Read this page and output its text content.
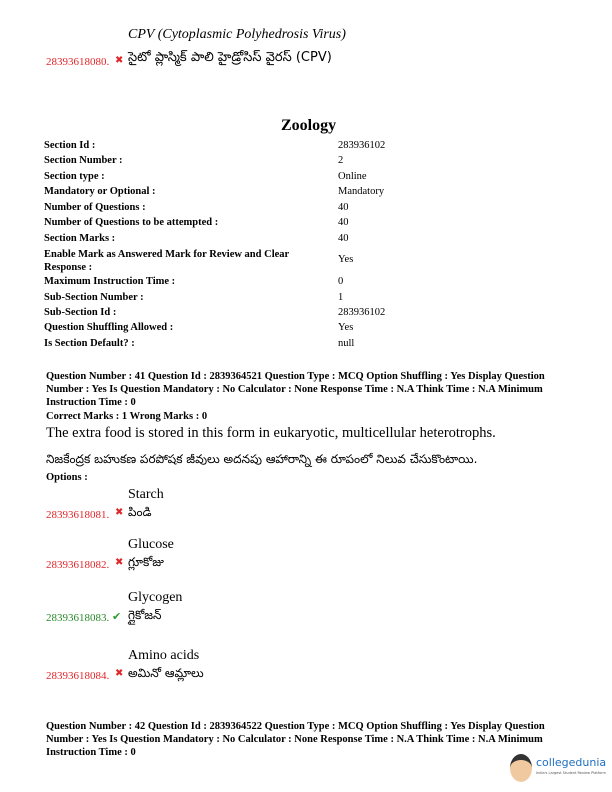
CPV (Cytoplasmic Polyhedrosis Virus)
28393618080. ✖ సైటో ప్లాస్మిక్ పాలి హైడ్రోసిస్ వైరస్ (CPV)
Zoology
Section Id :	283936102
Section Number :	2
Section type :	Online
Mandatory or Optional :	Mandatory
Number of Questions :	40
Number of Questions to be attempted :	40
Section Marks :	40
Enable Mark as Answered Mark for Review and Clear Response :
Yes
Maximum Instruction Time :	0
Sub-Section Number :	1
Sub-Section Id :	283936102
Question Shuffling Allowed :	Yes
Is Section Default? :	null
Question Number : 41 Question Id : 2839364521 Question Type : MCQ Option Shuffling : Yes Display Question Number : Yes Is Question Mandatory : No Calculator : None Response Time : N.A Think Time : N.A Minimum Instruction Time : 0
Correct Marks : 1 Wrong Marks : 0
The extra food is stored in this form in eukaryotic, multicellular heterotrophs.
నిజకేంద్రక బహుకణ పరపోషక జీవులు అదనపు ఆహారాన్ని ఈ రూపంలో నిలువ చేసుకొంటాయి.
Options :
Starch
28393618081. ✖ పిండి
Glucose
28393618082. ✖ గ్లూకోజు
Glycogen
28393618083. ✔ గ్లైకోజన్
Amino acids
28393618084. ✖ అమినో ఆమ్లాలు
Question Number : 42 Question Id : 2839364522 Question Type : MCQ Option Shuffling : Yes Display Question Number : Yes Is Question Mandatory : No Calculator : None Response Time : N.A Think Time : N.A Minimum Instruction Time : 0
collegedunia
India's Largest Student Review Platform
